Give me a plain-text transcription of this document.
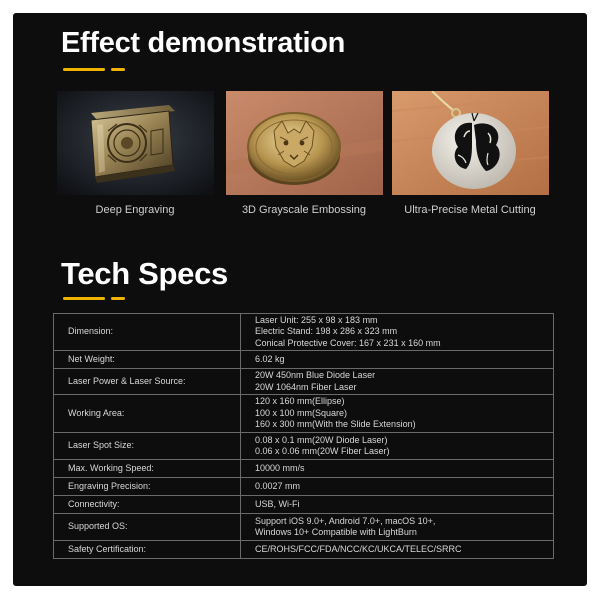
Effect demonstration
Deep Engraving	3D Grayscale Embossing	Ultra-Precise Metal Cutting
Tech Specs
Dimension:	Laser Unit: 255 x 98 x 183 mm
Electric Stand: 198 x 286 x 323 mm
Conical Protective Cover: 167 x 231 x 160 mm

Net Weight:	6.02 kg

Laser Power & Laser Source:	20W 450nm Blue Diode Laser
20W 1064nm Fiber Laser

Working Area:	120 x 160 mm(Ellipse)
100 x 100 mm(Square)
160 x 300 mm(With the Slide Extension)

Laser Spot Size:	0.08 x 0.1 mm(20W Diode Laser)
0.06 x 0.06 mm(20W Fiber Laser)

Max. Working Speed:	10000 mm/s

Engraving Precision:	0.0027 mm

Connectivity:	USB, Wi-Fi

Supported OS:	Support iOS 9.0+, Android 7.0+, macOS 10+,
Windows 10+ Compatible with LightBurn

Safety Certification:	CE/ROHS/FCC/FDA/NCC/KC/UKCA/TELEC/SRRC
